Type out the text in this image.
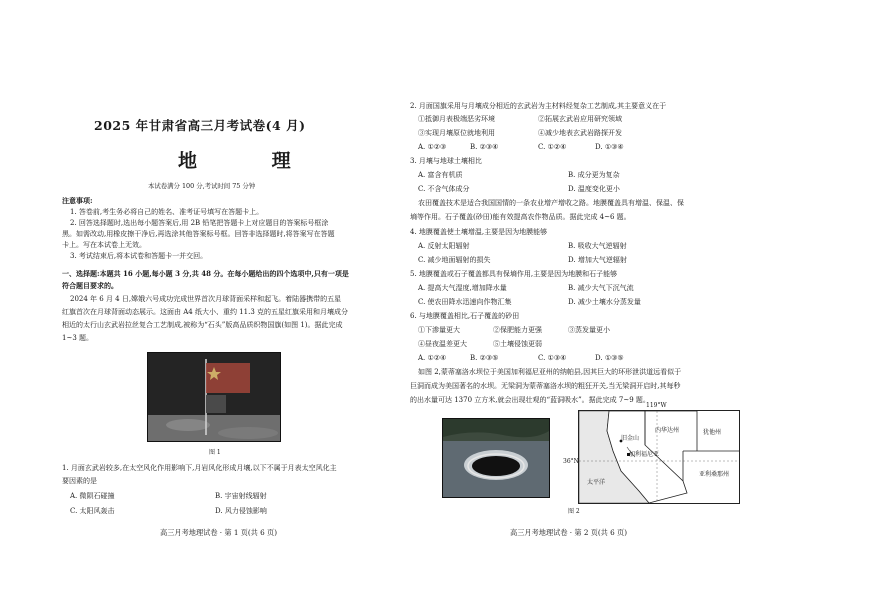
2025 年甘肃省高三月考试卷(4 月)
地 理
本试卷满分 100 分,考试时间 75 分钟
注意事项:
1. 答卷前,考生务必将自己的姓名、准考证号填写在答题卡上。
2. 回答选择题时,选出每小题答案后,用 2B 铅笔把答题卡上对应题目的答案标号框涂
黑。如需改动,用橡皮擦干净后,再选涂其他答案标号框。回答非选择题时,将答案写在答题
卡上。写在本试卷上无效。
3. 考试结束后,将本试卷和答题卡一并交回。
一、选择题:本题共 16 小题,每小题 3 分,共 48 分。在每小题给出的四个选项中,只有一项是
符合题目要求的。
2024 年 6 月 4 日,嫦娥六号成功完成世界首次月球背面采样和起飞。着陆器携带的五星
红旗首次在月球背面动态展示。这面由 A4 纸大小、重约 11.3 克的五星红旗采用和月壤成分
相近的太行山玄武岩拉丝复合工艺制成,被称为“石头”版高品质织物国旗(如图 1)。据此完成
1~3 题。
图 1
1. 月面玄武岩较多,在太空风化作用影响下,月岩风化形成月壤,以下不属于月表太空风化主
要因素的是
A. 微陨石碰撞	B. 宇宙射线辐射
C. 太阳风轰击	D. 风力侵蚀影响
高三月考地理试卷 · 第 1 页(共 6 页)
2. 月面国旗采用与月壤成分相近的玄武岩为主材料经复杂工艺制成,其主要意义在于
①抵御月表极端恶劣环境	②拓展玄武岩应用研究领域
③实现月壤原位就地利用	④减少地表玄武岩路探开发
A. ①②③	B. ②③④	C. ①②④	D. ①③④
3. 月壤与地球土壤相比
A. 富含有机质	B. 成分更为复杂
C. 不含气体成分	D. 温度变化更小
农田覆盖技术是适合我国国情的一条农业增产增收之路。地膜覆盖具有增温、保温、保
墒等作用。石子覆盖(砂田)能有效提高农作物品质。据此完成 4~6 题。
4. 地膜覆盖使土壤增温,主要是因为地膜能够
A. 反射太阳辐射	B. 吸收大气逆辐射
C. 减少地面辐射的损失	D. 增加大气逆辐射
5. 地膜覆盖或石子覆盖都具有保墒作用,主要是因为地膜和石子能够
A. 提高大气湿度,增加降水量	B. 减少大气下沉气流
C. 使农田降水迅速向作物汇集	D. 减少土壤水分蒸发量
6. 与地膜覆盖相比,石子覆盖的砂田
①下渗量更大	②保肥能力更强	③蒸发量更小
④昼夜温差更大	⑤土壤侵蚀更弱
A. ①②④	B. ②③⑤	C. ①③④	D. ①③⑤
如图 2,蒙蒂塞洛水坝位于美国加利福尼亚州的纳帕县,因其巨大的环形泄洪道远看似于
巨洞而成为美国著名的水坝。无梁洞为蒙蒂塞洛水坝的粗狂开关,当无梁洞开启时,其每秒
的出水量可达 1370 立方米,就会出现壮观的“蓝洞吸水”。据此完成 7~9 题。
119°W
36°N
内华达州
亚利桑那州
犹他州
旧金山
加利福尼亚
太平洋
图 2
高三月考地理试卷 · 第 2 页(共 6 页)
